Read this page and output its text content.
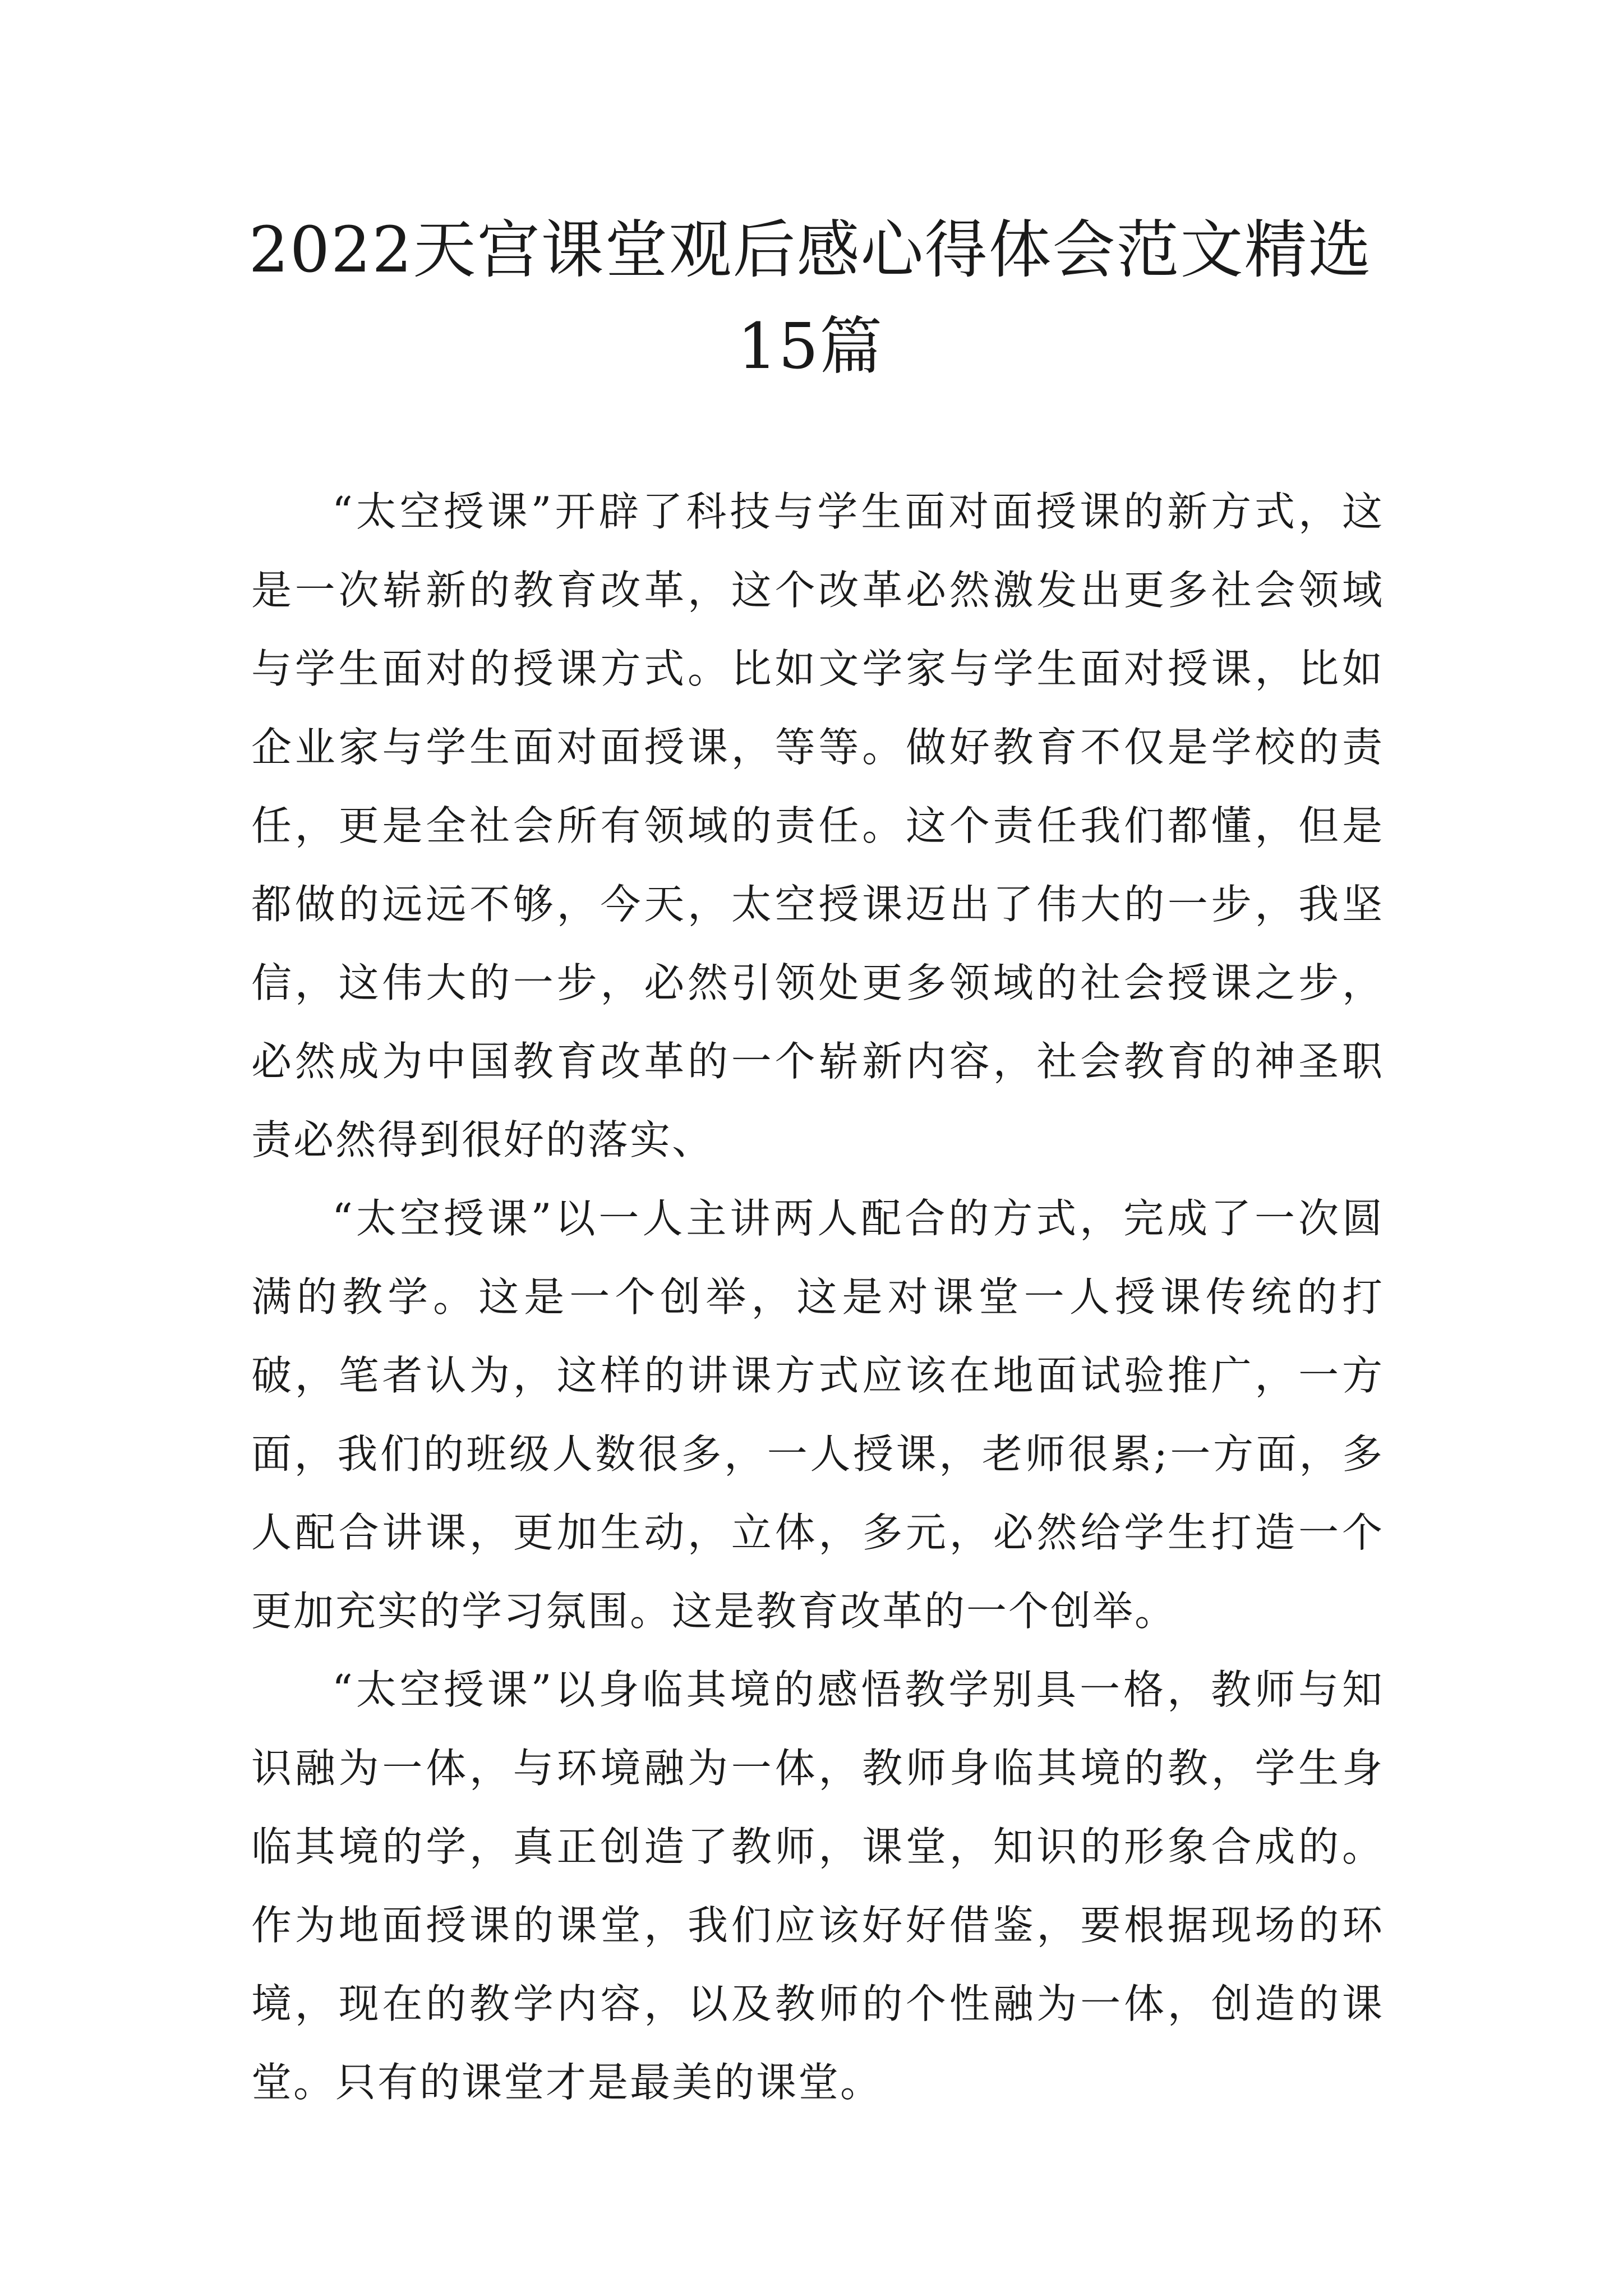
2022天宫课堂观后感心得体会范文精选15篇

“太空授课”开辟了科技与学生面对面授课的新方式，这是一次崭新的教育改革，这个改革必然激发出更多社会领域与学生面对的授课方式。比如文学家与学生面对授课，比如企业家与学生面对面授课，等等。做好教育不仅是学校的责任，更是全社会所有领域的责任。这个责任我们都懂，但是都做的远远不够，今天，太空授课迈出了伟大的一步，我坚信，这伟大的一步，必然引领处更多领域的社会授课之步，必然成为中国教育改革的一个崭新内容，社会教育的神圣职责必然得到很好的落实、

“太空授课”以一人主讲两人配合的方式，完成了一次圆满的教学。这是一个创举，这是对课堂一人授课传统的打破，笔者认为，这样的讲课方式应该在地面试验推广，一方面，我们的班级人数很多，一人授课，老师很累;一方面，多人配合讲课，更加生动，立体，多元，必然给学生打造一个更加充实的学习氛围。这是教育改革的一个创举。

“太空授课”以身临其境的感悟教学别具一格，教师与知识融为一体，与环境融为一体，教师身临其境的教，学生身临其境的学，真正创造了教师，课堂，知识的形象合成的。作为地面授课的课堂，我们应该好好借鉴，要根据现场的环境，现在的教学内容，以及教师的个性融为一体，创造的课堂。只有的课堂才是最美的课堂。
